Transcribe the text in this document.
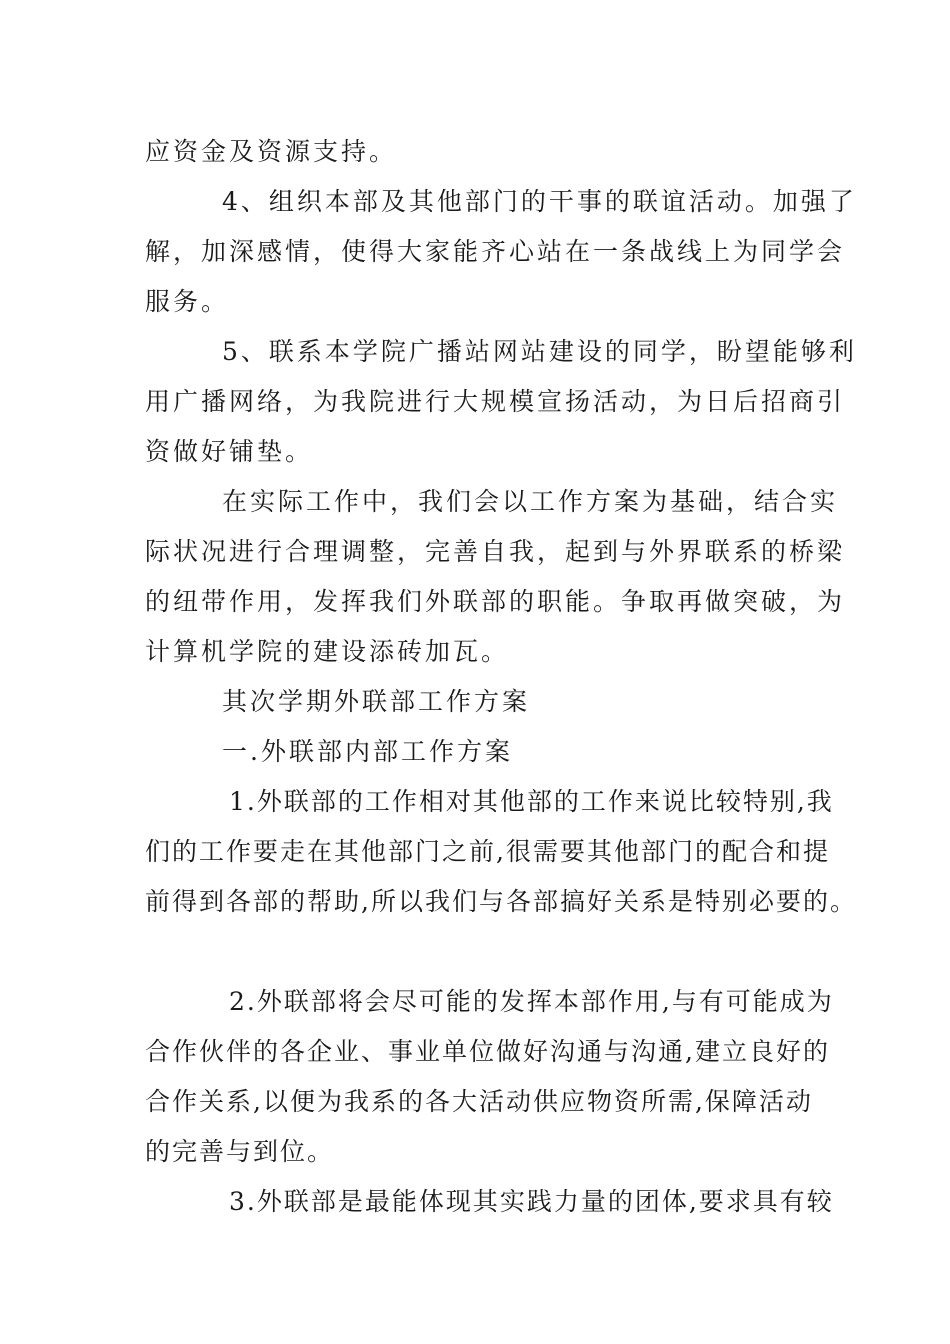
应资金及资源支持。
4、组织本部及其他部门的干事的联谊活动。加强了
解，加深感情，使得大家能齐心站在一条战线上为同学会
服务。
5、联系本学院广播站网站建设的同学，盼望能够利
用广播网络，为我院进行大规模宣扬活动，为日后招商引
资做好铺垫。
在实际工作中，我们会以工作方案为基础，结合实
际状况进行合理调整，完善自我，起到与外界联系的桥梁
的纽带作用，发挥我们外联部的职能。争取再做突破，为
计算机学院的建设添砖加瓦。
其次学期外联部工作方案
一.外联部内部工作方案
1.外联部的工作相对其他部的工作来说比较特别,我
们的工作要走在其他部门之前,很需要其他部门的配合和提
前得到各部的帮助,所以我们与各部搞好关系是特别必要的。
2.外联部将会尽可能的发挥本部作用,与有可能成为
合作伙伴的各企业、事业单位做好沟通与沟通,建立良好的
合作关系,以便为我系的各大活动供应物资所需,保障活动
的完善与到位。
3.外联部是最能体现其实践力量的团体,要求具有较
